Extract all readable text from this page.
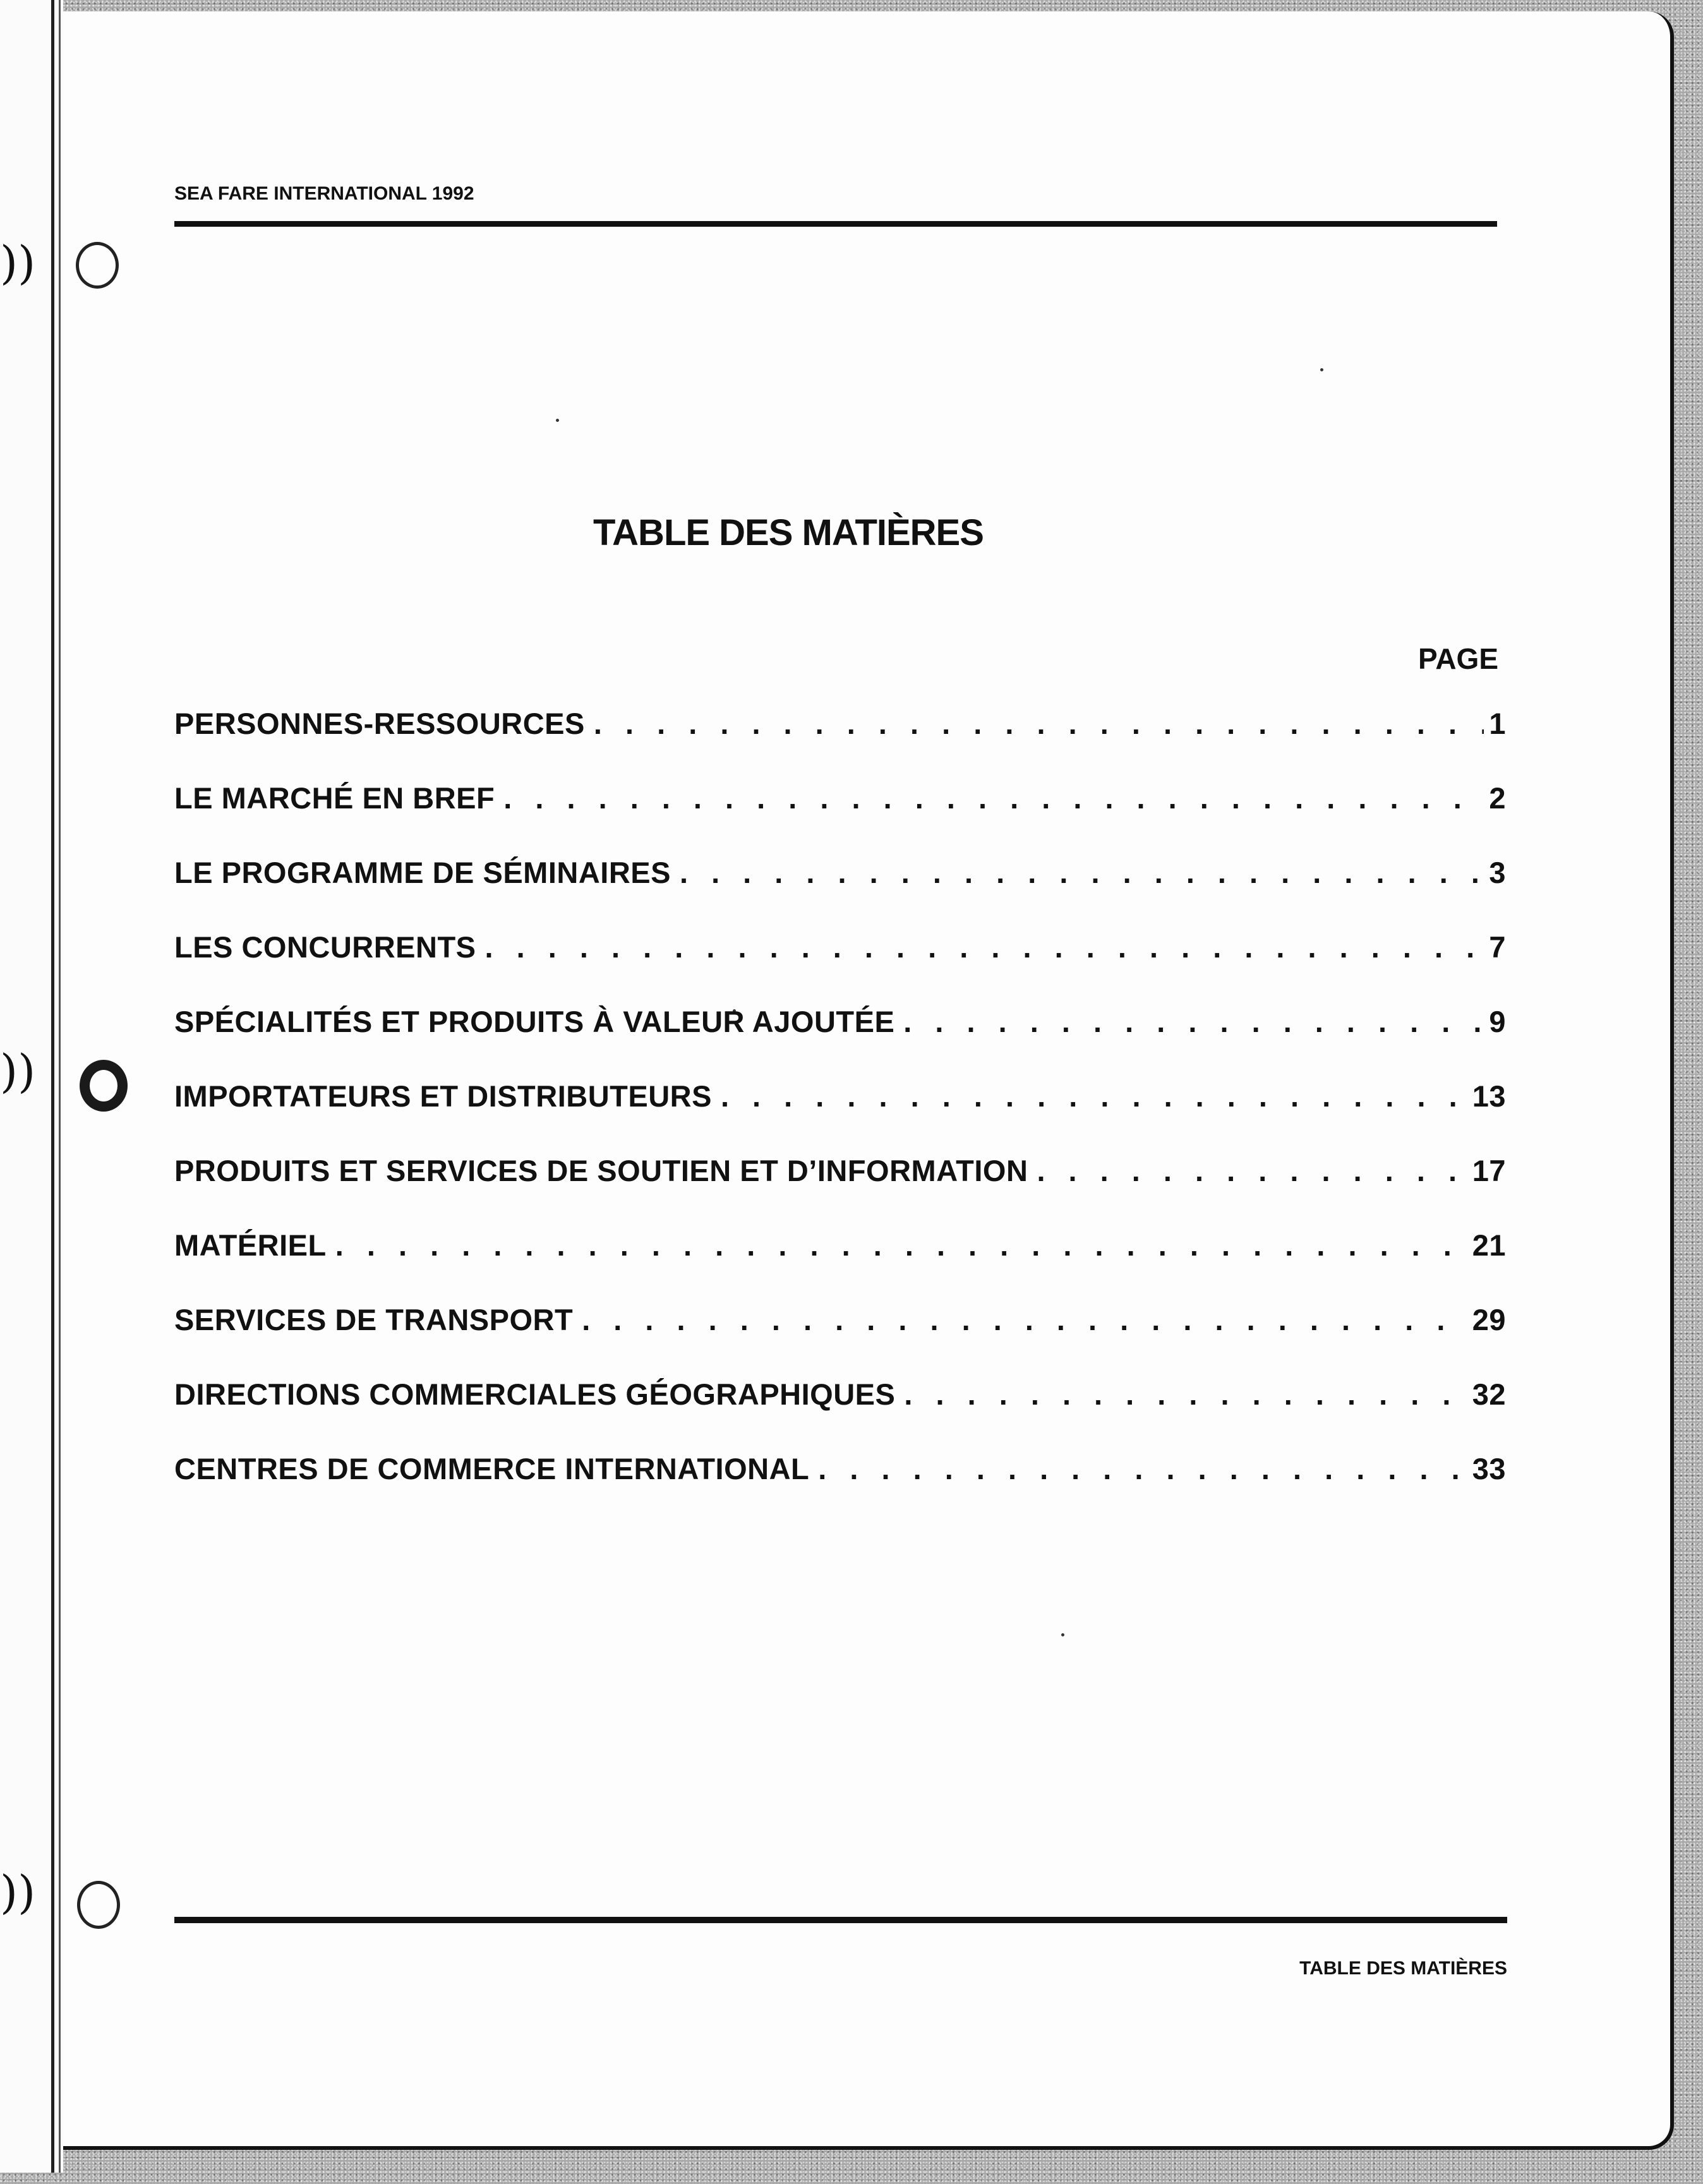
))
))
))
SEA FARE INTERNATIONAL 1992
TABLE DES MATIÈRES
PAGE
PERSONNES-RESSOURCES . . .	1
LE MARCHÉ EN BREF . . .	2
LE PROGRAMME DE SÉMINAIRES . . .	3
LES CONCURRENTS . . .	7
SPÉCIALITÉS ET PRODUITS À VALEUR AJOUTÉE . . .	9
IMPORTATEURS ET DISTRIBUTEURS . . .	13
PRODUITS ET SERVICES DE SOUTIEN ET D’INFORMATION . . .	17
MATÉRIEL . . .	21
SERVICES DE TRANSPORT . . .	29
DIRECTIONS COMMERCIALES GÉOGRAPHIQUES . . .	32
CENTRES DE COMMERCE INTERNATIONAL . . .	33
TABLE DES MATIÈRES
